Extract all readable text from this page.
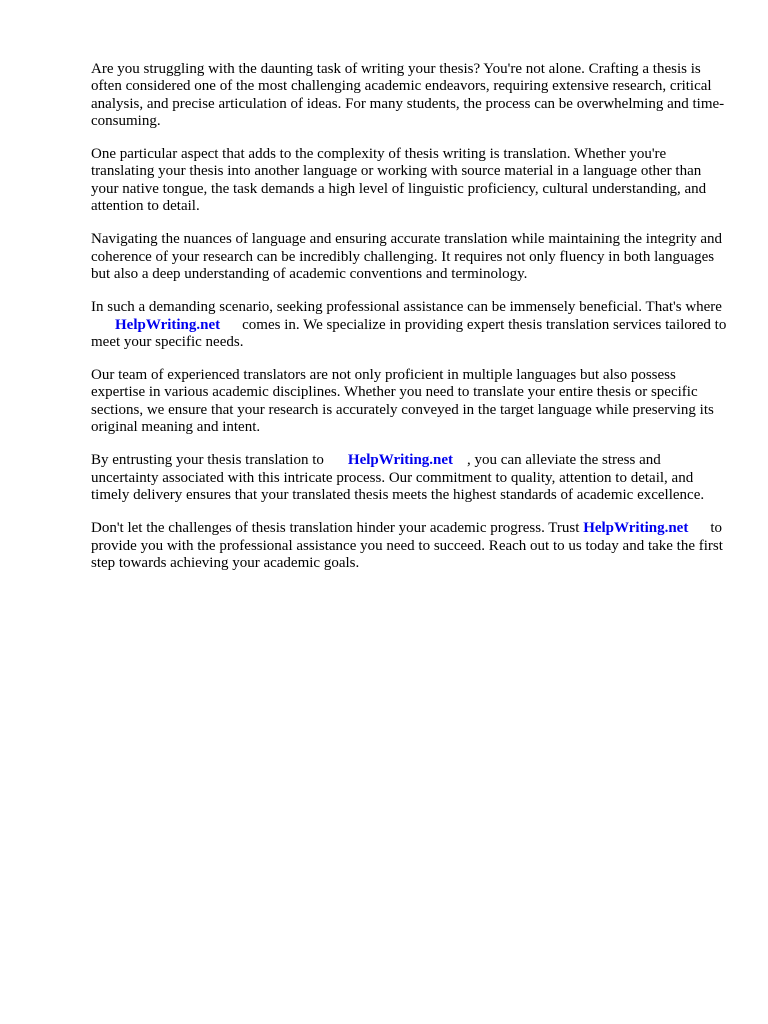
Are you struggling with the daunting task of writing your thesis? You're not alone. Crafting a thesis is often considered one of the most challenging academic endeavors, requiring extensive research, critical analysis, and precise articulation of ideas. For many students, the process can be overwhelming and time-consuming.

One particular aspect that adds to the complexity of thesis writing is translation. Whether you're translating your thesis into another language or working with source material in a language other than your native tongue, the task demands a high level of linguistic proficiency, cultural understanding, and attention to detail.

Navigating the nuances of language and ensuring accurate translation while maintaining the integrity and coherence of your research can be incredibly challenging. It requires not only fluency in both languages but also a deep understanding of academic conventions and terminology.

In such a demanding scenario, seeking professional assistance can be immensely beneficial. That's whereHelpWriting.net comes in. We specialize in providing expert thesis translation services tailored to meet your specific needs.

Our team of experienced translators are not only proficient in multiple languages but also possess expertise in various academic disciplines. Whether you need to translate your entire thesis or specific sections, we ensure that your research is accurately conveyed in the target language while preserving its original meaning and intent.

By entrusting your thesis translation to HelpWriting.net , you can alleviate the stress and uncertainty associated with this intricate process. Our commitment to quality, attention to detail, and timely delivery ensures that your translated thesis meets the highest standards of academic excellence.

Don't let the challenges of thesis translation hinder your academic progress. Trust HelpWriting.net to provide you with the professional assistance you need to succeed. Reach out to us today and take the first step towards achieving your academic goals.
